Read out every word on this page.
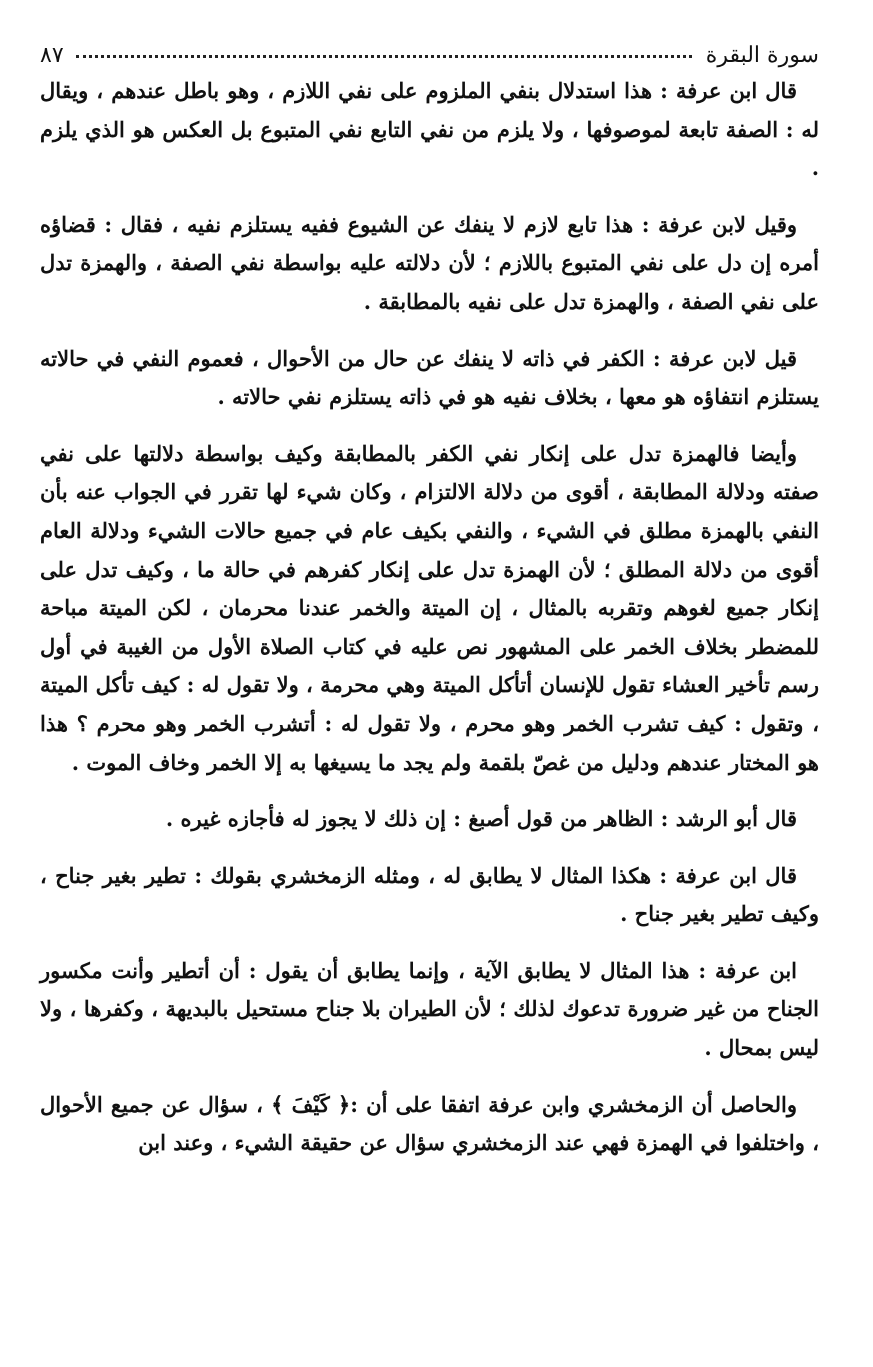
سورة البقرة
٨٧

قال ابن عرفة : هذا استدلال بنفي الملزوم على نفي اللازم ، وهو باطل عندهم ، ويقال له : الصفة تابعة لموصوفها ، ولا يلزم من نفي التابع نفي المتبوع بل العكس هو الذي يلزم .

وقيل لابن عرفة : هذا تابع لازم لا ينفك عن الشيوع ففيه يستلزم نفيه ، فقال : قضاؤه أمره إن دل على نفي المتبوع باللازم ؛ لأن دلالته عليه بواسطة نفي الصفة ، والهمزة تدل على نفي الصفة ، والهمزة تدل على نفيه بالمطابقة .

قيل لابن عرفة : الكفر في ذاته لا ينفك عن حال من الأحوال ، فعموم النفي في حالاته يستلزم انتفاؤه هو معها ، بخلاف نفيه هو في ذاته يستلزم نفي حالاته .

وأيضا فالهمزة تدل على إنكار نفي الكفر بالمطابقة وكيف بواسطة دلالتها على نفي صفته ودلالة المطابقة ، أقوى من دلالة الالتزام ، وكان شيء لها تقرر في الجواب عنه بأن النفي بالهمزة مطلق في الشيء ، والنفي بكيف عام في جميع حالات الشيء ودلالة العام أقوى من دلالة المطلق ؛ لأن الهمزة تدل على إنكار كفرهم في حالة ما ، وكيف تدل على إنكار جميع لغوهم وتقربه بالمثال ، إن الميتة والخمر عندنا محرمان ، لكن الميتة مباحة للمضطر بخلاف الخمر على المشهور نص عليه في كتاب الصلاة الأول من الغيبة في أول رسم تأخير العشاء تقول للإنسان أتأكل الميتة وهي محرمة ، ولا تقول له : كيف تأكل الميتة ، وتقول : كيف تشرب الخمر وهو محرم ، ولا تقول له : أتشرب الخمر وهو محرم ؟ هذا هو المختار عندهم ودليل من غصّ بلقمة ولم يجد ما يسيغها به إلا الخمر وخاف الموت .

قال أبو الرشد : الظاهر من قول أصبغ : إن ذلك لا يجوز له فأجازه غيره .

قال ابن عرفة : هكذا المثال لا يطابق له ، ومثله الزمخشري بقولك : تطير بغير جناح ، وكيف تطير بغير جناح .

ابن عرفة : هذا المثال لا يطابق الآية ، وإنما يطابق أن يقول : أن أتطير وأنت مكسور الجناح من غير ضرورة تدعوك لذلك ؛ لأن الطيران بلا جناح مستحيل بالبديهة ، وكفرها ، ولا ليس بمحال .

والحاصل أن الزمخشري وابن عرفة اتفقا على أن :﴿ كَيْفَ ﴾ ، سؤال عن جميع الأحوال ، واختلفوا في الهمزة فهي عند الزمخشري سؤال عن حقيقة الشيء ، وعند ابن
